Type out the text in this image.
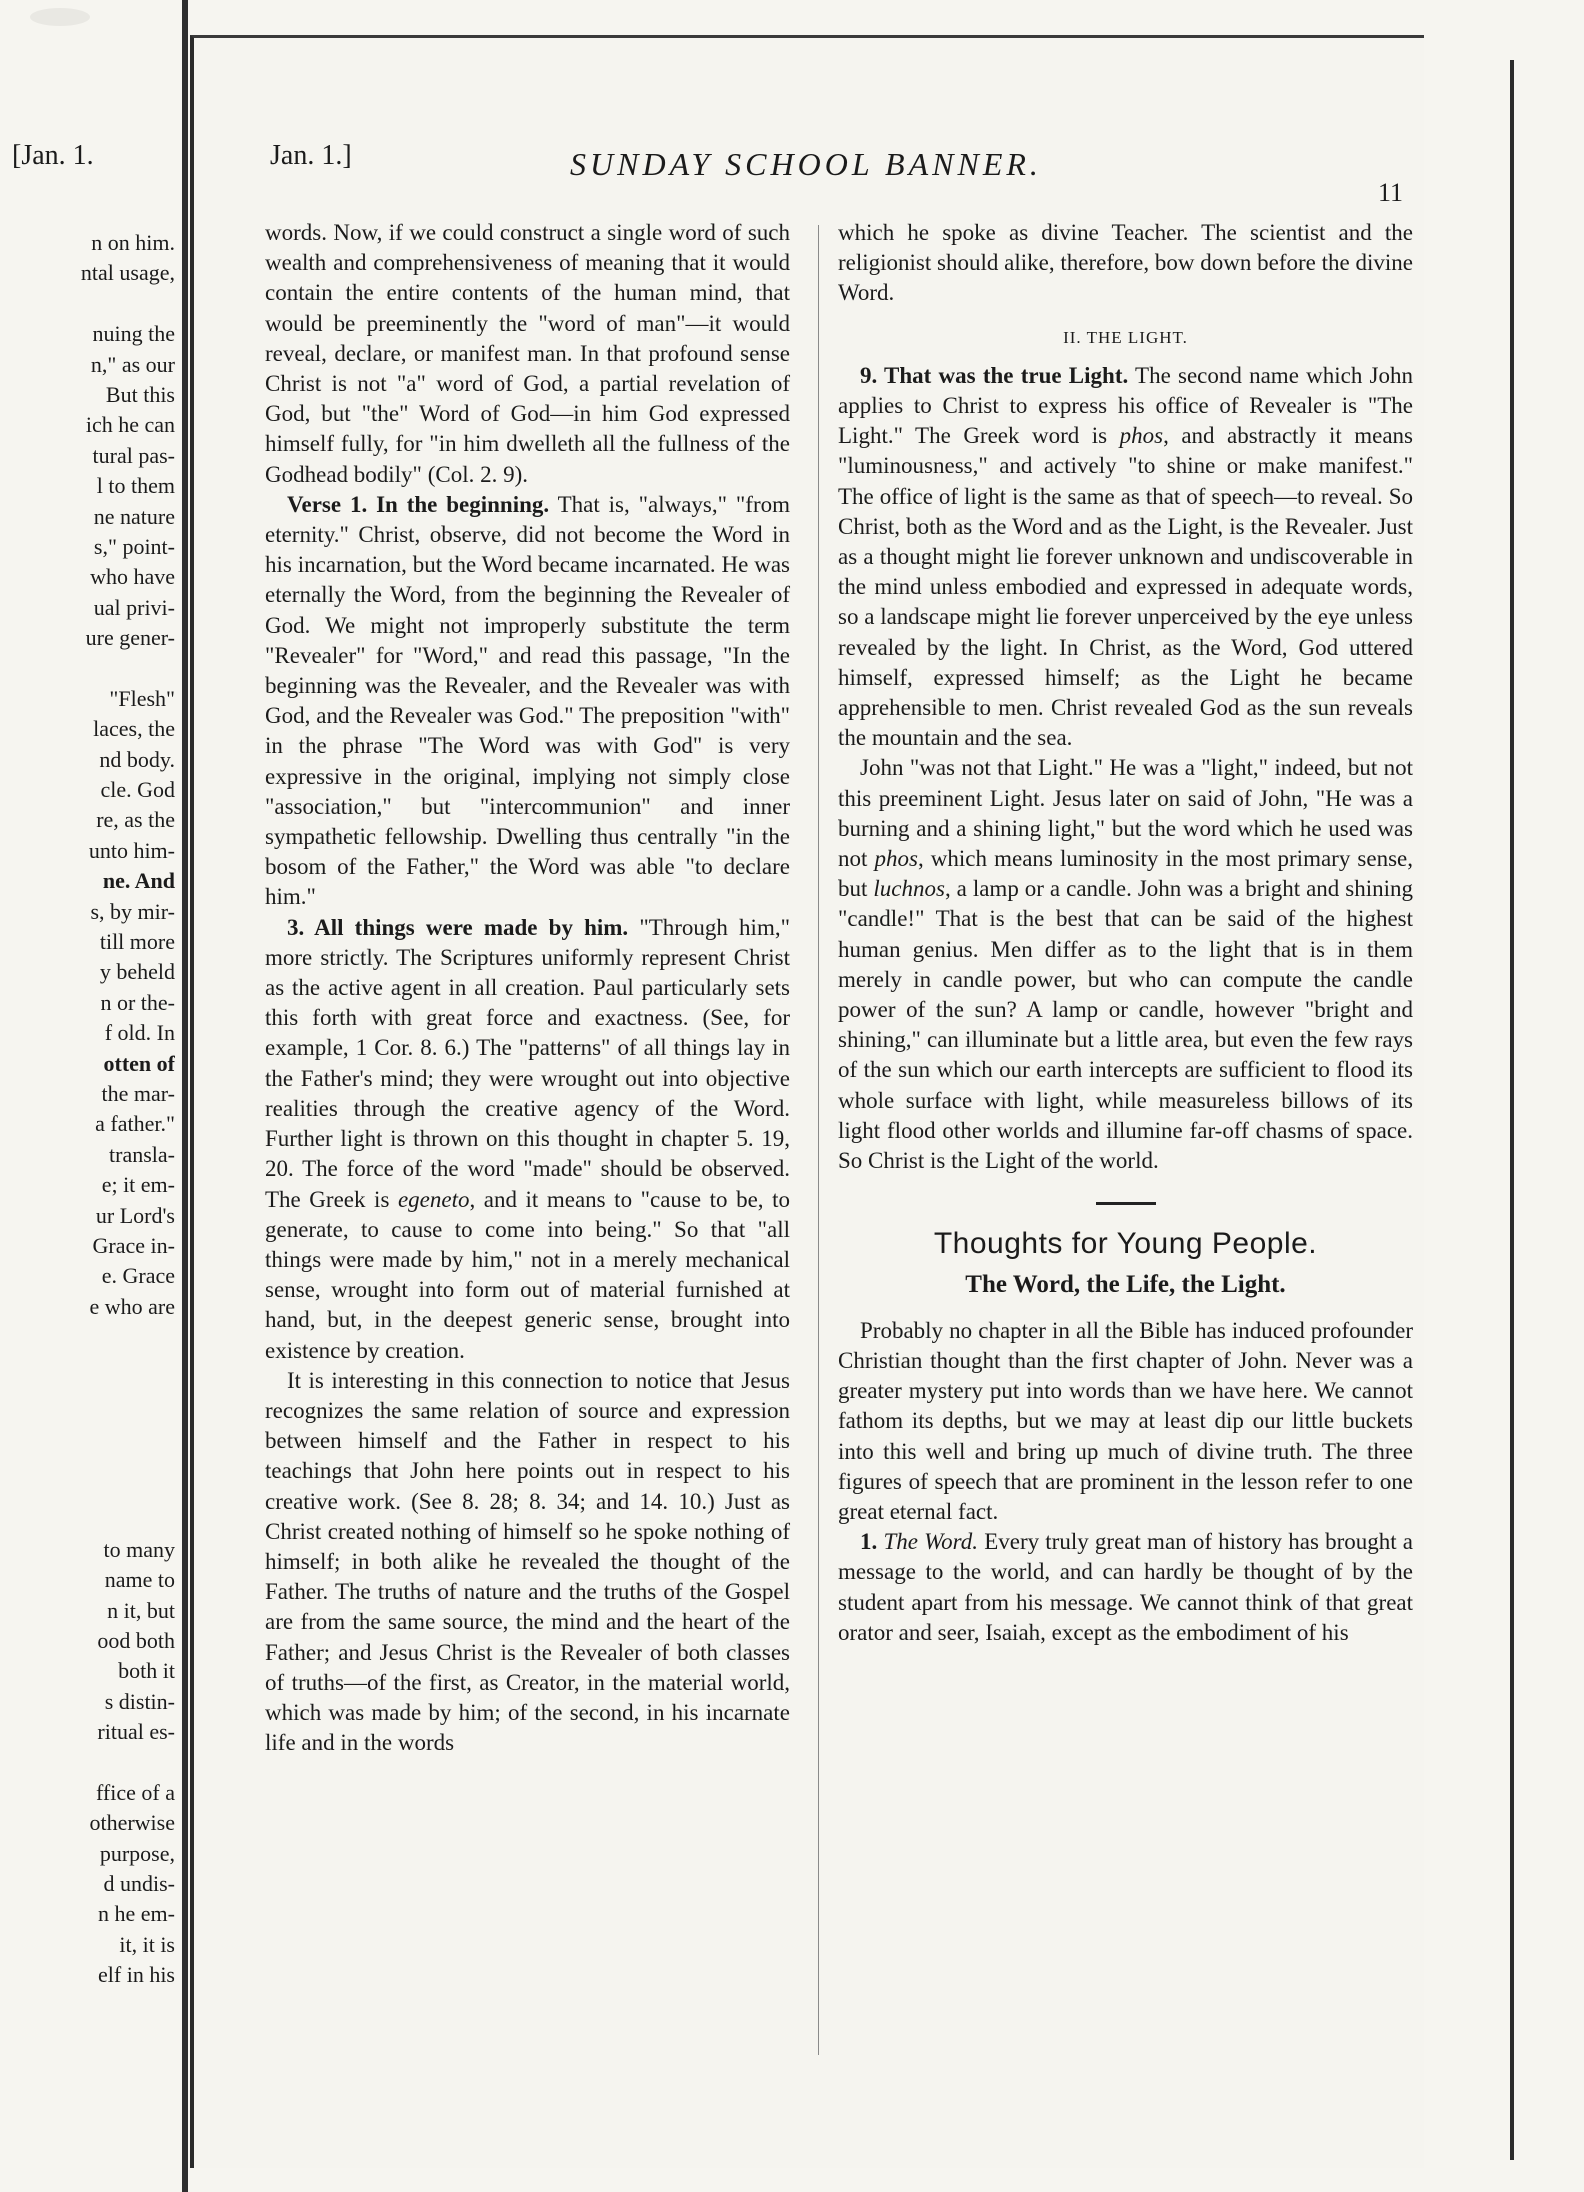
[Jan. 1.
n on him.
ntal usage,
nuing the
n," as our
But this
ich he can
tural pas-
l to them
ne nature
s," point-
who have
ual privi-
ure gener-
"Flesh"
laces, the
nd body.
cle. God
re, as the
unto him-
ne. And
s, by mir-
till more
y beheld
n or the-
f old. In
otten of
the mar-
a father."
transla-
e; it em-
ur Lord's
Grace in-
e. Grace
e who are
to many
name to
n it, but
ood both
both it
s distin-
ritual es-
ffice of a
otherwise
purpose,
d undis-
n he em-
it, it is
elf in his
Jan. 1.]	SUNDAY SCHOOL BANNER.
11

words. Now, if we could construct a single word of such wealth and comprehensiveness of meaning that it would contain the entire contents of the human mind, that would be preeminently the "word of man"—it would reveal, declare, or manifest man. In that profound sense Christ is not "a" word of God, a partial revelation of God, but "the" Word of God—in him God expressed himself fully, for "in him dwelleth all the fullness of the Godhead bodily" (Col. 2. 9).

Verse 1. In the beginning. That is, "always," "from eternity." Christ, observe, did not become the Word in his incarnation, but the Word became incarnated. He was eternally the Word, from the beginning the Revealer of God. We might not improperly substitute the term "Revealer" for "Word," and read this passage, "In the beginning was the Revealer, and the Revealer was with God, and the Revealer was God." The preposition "with" in the phrase "The Word was with God" is very expressive in the original, implying not simply close "association," but "intercommunion" and inner sympathetic fellowship. Dwelling thus centrally "in the bosom of the Father," the Word was able "to declare him."

3. All things were made by him. "Through him," more strictly. The Scriptures uniformly represent Christ as the active agent in all creation. Paul particularly sets this forth with great force and exactness. (See, for example, 1 Cor. 8. 6.) The "patterns" of all things lay in the Father's mind; they were wrought out into objective realities through the creative agency of the Word. Further light is thrown on this thought in chapter 5. 19, 20. The force of the word "made" should be observed. The Greek is egeneto, and it means to "cause to be, to generate, to cause to come into being." So that "all things were made by him," not in a merely mechanical sense, wrought into form out of material furnished at hand, but, in the deepest generic sense, brought into existence by creation.

It is interesting in this connection to notice that Jesus recognizes the same relation of source and expression between himself and the Father in respect to his teachings that John here points out in respect to his creative work. (See 8. 28; 8. 34; and 14. 10.) Just as Christ created nothing of himself so he spoke nothing of himself; in both alike he revealed the thought of the Father. The truths of nature and the truths of the Gospel are from the same source, the mind and the heart of the Father; and Jesus Christ is the Revealer of both classes of truths—of the first, as Creator, in the material world, which was made by him; of the second, in his incarnate life and in the words

which he spoke as divine Teacher. The scientist and the religionist should alike, therefore, bow down before the divine Word.

II. THE LIGHT.

9. That was the true Light. The second name which John applies to Christ to express his office of Revealer is "The Light." The Greek word is phos, and abstractly it means "luminousness," and actively "to shine or make manifest." The office of light is the same as that of speech—to reveal. So Christ, both as the Word and as the Light, is the Revealer. Just as a thought might lie forever unknown and undiscoverable in the mind unless embodied and expressed in adequate words, so a landscape might lie forever unperceived by the eye unless revealed by the light. In Christ, as the Word, God uttered himself, expressed himself; as the Light he became apprehensible to men. Christ revealed God as the sun reveals the mountain and the sea.

John "was not that Light." He was a "light," indeed, but not this preeminent Light. Jesus later on said of John, "He was a burning and a shining light," but the word which he used was not phos, which means luminosity in the most primary sense, but luchnos, a lamp or a candle. John was a bright and shining "candle!" That is the best that can be said of the highest human genius. Men differ as to the light that is in them merely in candle power, but who can compute the candle power of the sun? A lamp or candle, however "bright and shining," can illuminate but a little area, but even the few rays of the sun which our earth intercepts are sufficient to flood its whole surface with light, while measureless billows of its light flood other worlds and illumine far-off chasms of space. So Christ is the Light of the world.

Thoughts for Young People.
The Word, the Life, the Light.

Probably no chapter in all the Bible has induced profounder Christian thought than the first chapter of John. Never was a greater mystery put into words than we have here. We cannot fathom its depths, but we may at least dip our little buckets into this well and bring up much of divine truth. The three figures of speech that are prominent in the lesson refer to one great eternal fact.

1. The Word. Every truly great man of history has brought a message to the world, and can hardly be thought of by the student apart from his message. We cannot think of that great orator and seer, Isaiah, except as the embodiment of his
